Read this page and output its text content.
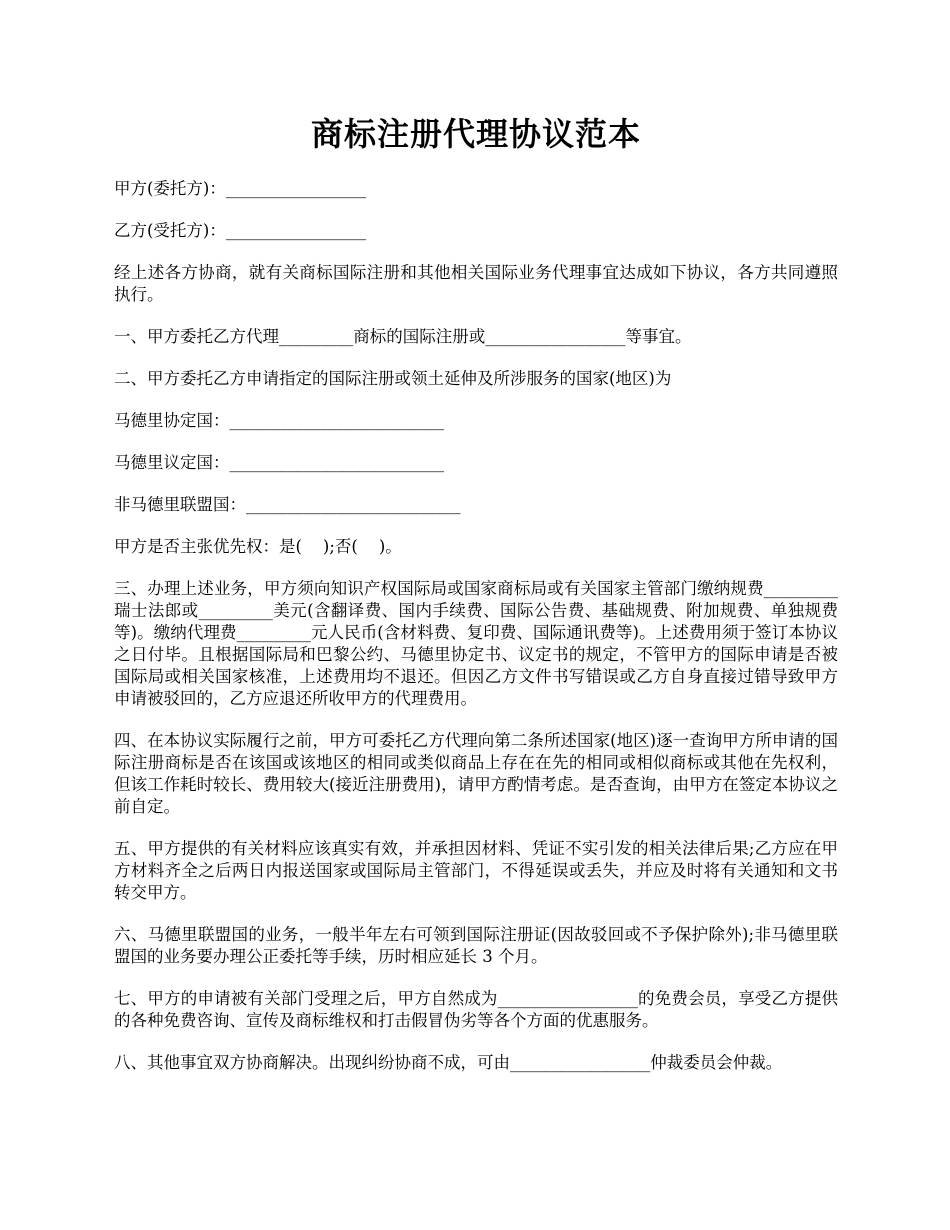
商标注册代理协议范本

甲方(委托方)：_________________

乙方(受托方)：_________________

经上述各方协商，就有关商标国际注册和其他相关国际业务代理事宜达成如下协议，各方共同遵照执行。

一、甲方委托乙方代理_________商标的国际注册或_________________等事宜。

二、甲方委托乙方申请指定的国际注册或领土延伸及所涉服务的国家(地区)为

马德里协定国：__________________________

马德里议定国：__________________________

非马德里联盟国：__________________________

甲方是否主张优先权：是(    );否(    )。

三、办理上述业务，甲方须向知识产权国际局或国家商标局或有关国家主管部门缴纳规费_________瑞士法郎或_________美元(含翻译费、国内手续费、国际公告费、基础规费、附加规费、单独规费等)。缴纳代理费_________元人民币(含材料费、复印费、国际通讯费等)。上述费用须于签订本协议之日付毕。且根据国际局和巴黎公约、马德里协定书、议定书的规定，不管甲方的国际申请是否被国际局或相关国家核准，上述费用均不退还。但因乙方文件书写错误或乙方自身直接过错导致甲方申请被驳回的，乙方应退还所收甲方的代理费用。

四、在本协议实际履行之前，甲方可委托乙方代理向第二条所述国家(地区)逐一查询甲方所申请的国际注册商标是否在该国或该地区的相同或类似商品上存在在先的相同或相似商标或其他在先权利，但该工作耗时较长、费用较大(接近注册费用)，请甲方酌情考虑。是否查询，由甲方在签定本协议之前自定。

五、甲方提供的有关材料应该真实有效，并承担因材料、凭证不实引发的相关法律后果;乙方应在甲方材料齐全之后两日内报送国家或国际局主管部门，不得延误或丢失，并应及时将有关通知和文书转交甲方。

六、马德里联盟国的业务，一般半年左右可领到国际注册证(因故驳回或不予保护除外);非马德里联盟国的业务要办理公正委托等手续，历时相应延长 3 个月。

七、甲方的申请被有关部门受理之后，甲方自然成为_________________的免费会员，享受乙方提供的各种免费咨询、宣传及商标维权和打击假冒伪劣等各个方面的优惠服务。

八、其他事宜双方协商解决。出现纠纷协商不成，可由_________________仲裁委员会仲裁。
